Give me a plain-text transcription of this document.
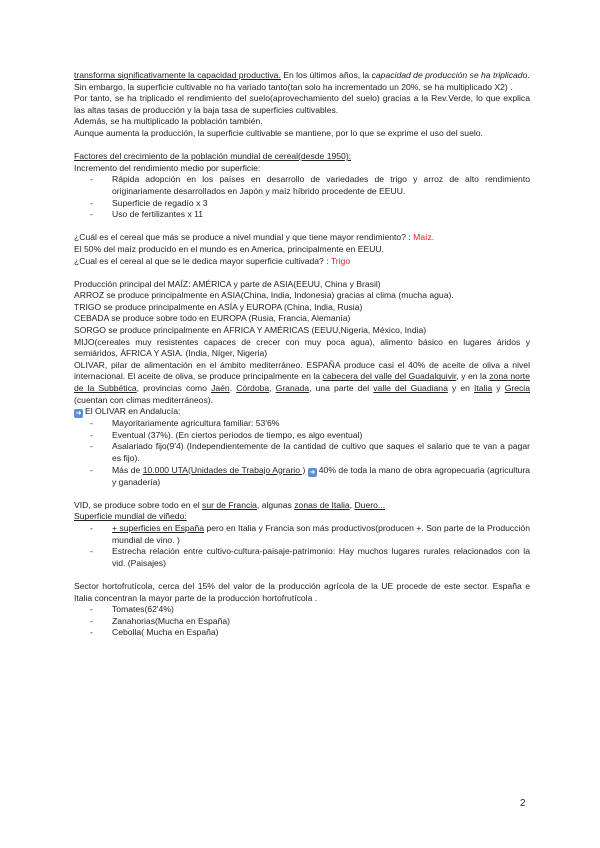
transforma significativamente la capacidad productiva. En los últimos años, la capacidad de producción se ha triplicado.

Sin embargo, la superficie cultivable no ha variado tanto(tan solo ha incrementado un 20%, se ha multiplicado X2) .

Por tanto, se ha triplicado el rendimiento del suelo(aprovechamiento del suelo) gracias a la Rev.Verde, lo que explica las altas tasas de producción y la baja tasa de superficies cultivables.

Además, se ha multiplicado la población también.

Aunque aumenta la producción, la superficie cultivable se mantiene, por lo que se exprime el uso del suelo.

Factores del crecimiento de la población mundial de cereal(desde 1950):

Incremento del rendimiento medio por superficie:

- Rápida adopción en los países en desarrollo de variedades de trigo y arroz de alto rendimiento originariamente desarrollados en Japón y maíz híbrido procedente de EEUU.
- Superficie de regadío x 3
- Uso de fertilizantes x 11

¿Cuál es el cereal que más se produce a nivel mundial y que tiene mayor rendimiento? : Maíz.

El 50% del maíz producido en el mundo es en America, principalmente en EEUU.

¿Cual es el cereal al que se le dedica mayor superficie cultivada? : Trigo

Producción principal del MAÍZ: AMÉRICA y parte de ASIA(EEUU, China y Brasil)

ARROZ se produce principalmente en ASIA(China, India, Indonesia) gracias al clima (mucha agua).

TRIGO se produce principalmente en ASÍA y EUROPA (China, India, Rusia)

CEBADA se produce sobre todo en EUROPA (Rusia, Francia, Alemanía)

SORGO se produce principalmente en ÁFRICA Y AMÉRICAS (EEUU,Nigeria, México, India)

MIJO(cereales muy resistentes capaces de crecer con muy poca agua), alimento básico en lugares áridos y semiáridos, ÁFRICA Y ASIA. (India, Níger, Nigeria)

OLIVAR, pilar de alimentación en el ámbito mediterráneo. ESPAÑA produce casi el 40% de aceite de oliva a nivel internacional. El aceite de oliva, se produce principalmente en la cabecera del valle del Guadalquivir, y en la zona norte de la Subbética, provincias como Jaén. Córdoba, Granada, una parte del valle del Guadiana y en Italia y Grecia (cuentan con climas mediterráneos).

➜ El OLIVAR en Andalucía:

- Mayoritariamente agricultura familiar: 53'6%
- Eventual (37%). (En ciertos periodos de tiempo, es algo eventual)
- Asalariado fijo(9'4) (Independientemente de la cantidad de cultivo que saques el salario que te van a pagar es fijo).
- Más de 10.000 UTA(Unidades de Trabajo Agrario ) ➜ 40% de toda la mano de obra agropecuaria (agricultura y ganadería)

VID, se produce sobre todo en el sur de Francia, algunas zonas de Italia, Duero...

Superficie mundial de viñedo:

- + superficies en España pero en Italia y Francia son más productivos(producen +. Son parte de la Producción mundial de vino. )
- Estrecha relación entre cultivo-cultura-paisaje-patrimonio: Hay muchos lugares rurales relacionados con la vid. (Paisajes)

Sector hortofrutícola, cerca del 15% del valor de la producción agrícola de la UE procede de este sector. España e Italia concentran la mayor parte de la producción hortofrutícola .

- Tomates(62'4%)
- Zanahorias(Mucha en España)
- Cebolla( Mucha en España)
2
